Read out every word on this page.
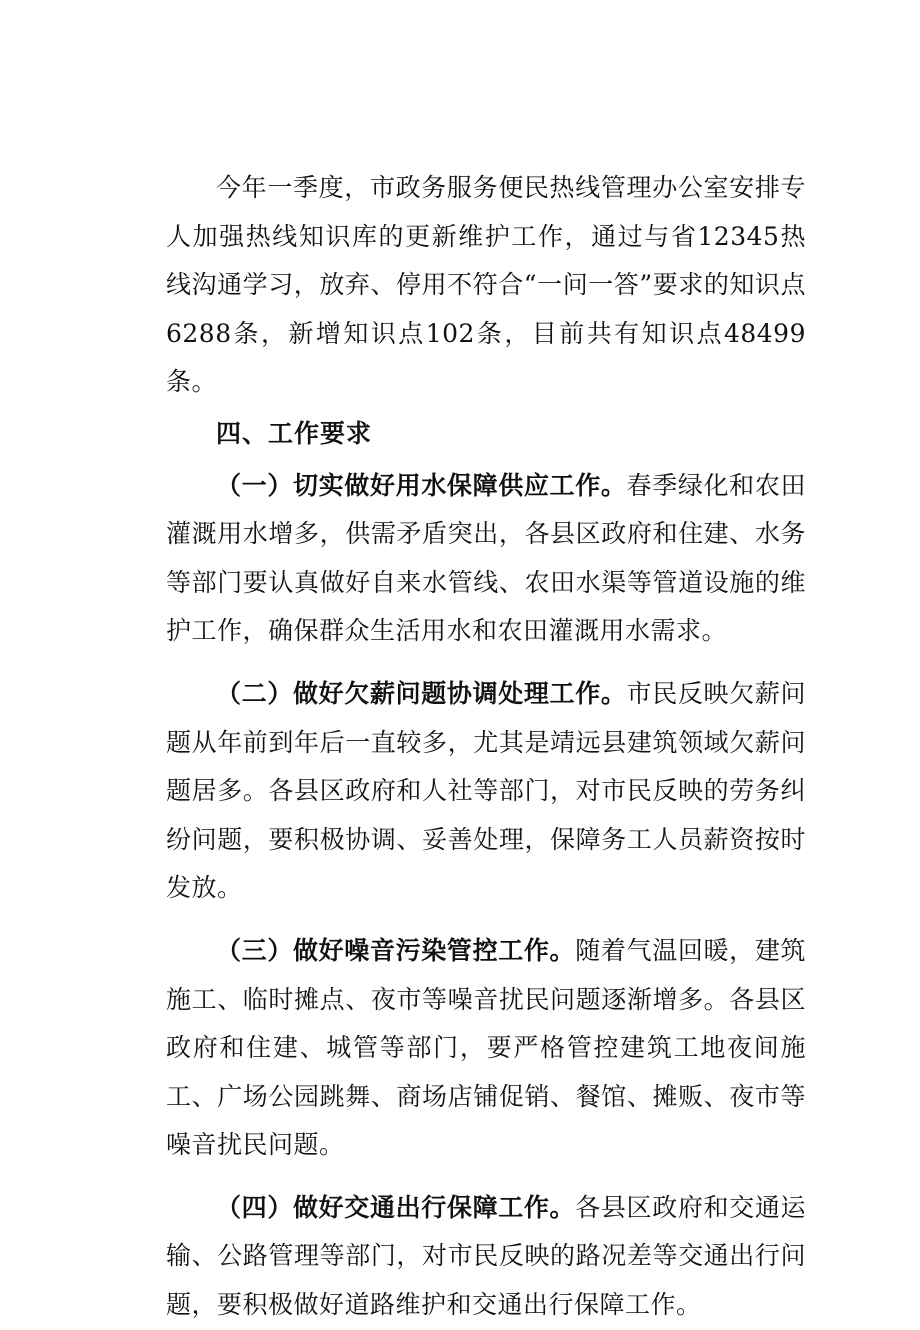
今年一季度，市政务服务便民热线管理办公室安排专人加强热线知识库的更新维护工作，通过与省12345热线沟通学习，放弃、停用不符合“一问一答”要求的知识点6288条，新增知识点102条，目前共有知识点48499条。

四、工作要求

（一）切实做好用水保障供应工作。春季绿化和农田灌溉用水增多，供需矛盾突出，各县区政府和住建、水务等部门要认真做好自来水管线、农田水渠等管道设施的维护工作，确保群众生活用水和农田灌溉用水需求。

（二）做好欠薪问题协调处理工作。市民反映欠薪问题从年前到年后一直较多，尤其是靖远县建筑领域欠薪问题居多。各县区政府和人社等部门，对市民反映的劳务纠纷问题，要积极协调、妥善处理，保障务工人员薪资按时发放。

（三）做好噪音污染管控工作。随着气温回暖，建筑施工、临时摊点、夜市等噪音扰民问题逐渐增多。各县区政府和住建、城管等部门，要严格管控建筑工地夜间施工、广场公园跳舞、商场店铺促销、餐馆、摊贩、夜市等噪音扰民问题。

（四）做好交通出行保障工作。各县区政府和交通运输、公路管理等部门，对市民反映的路况差等交通出行问题，要积极做好道路维护和交通出行保障工作。
